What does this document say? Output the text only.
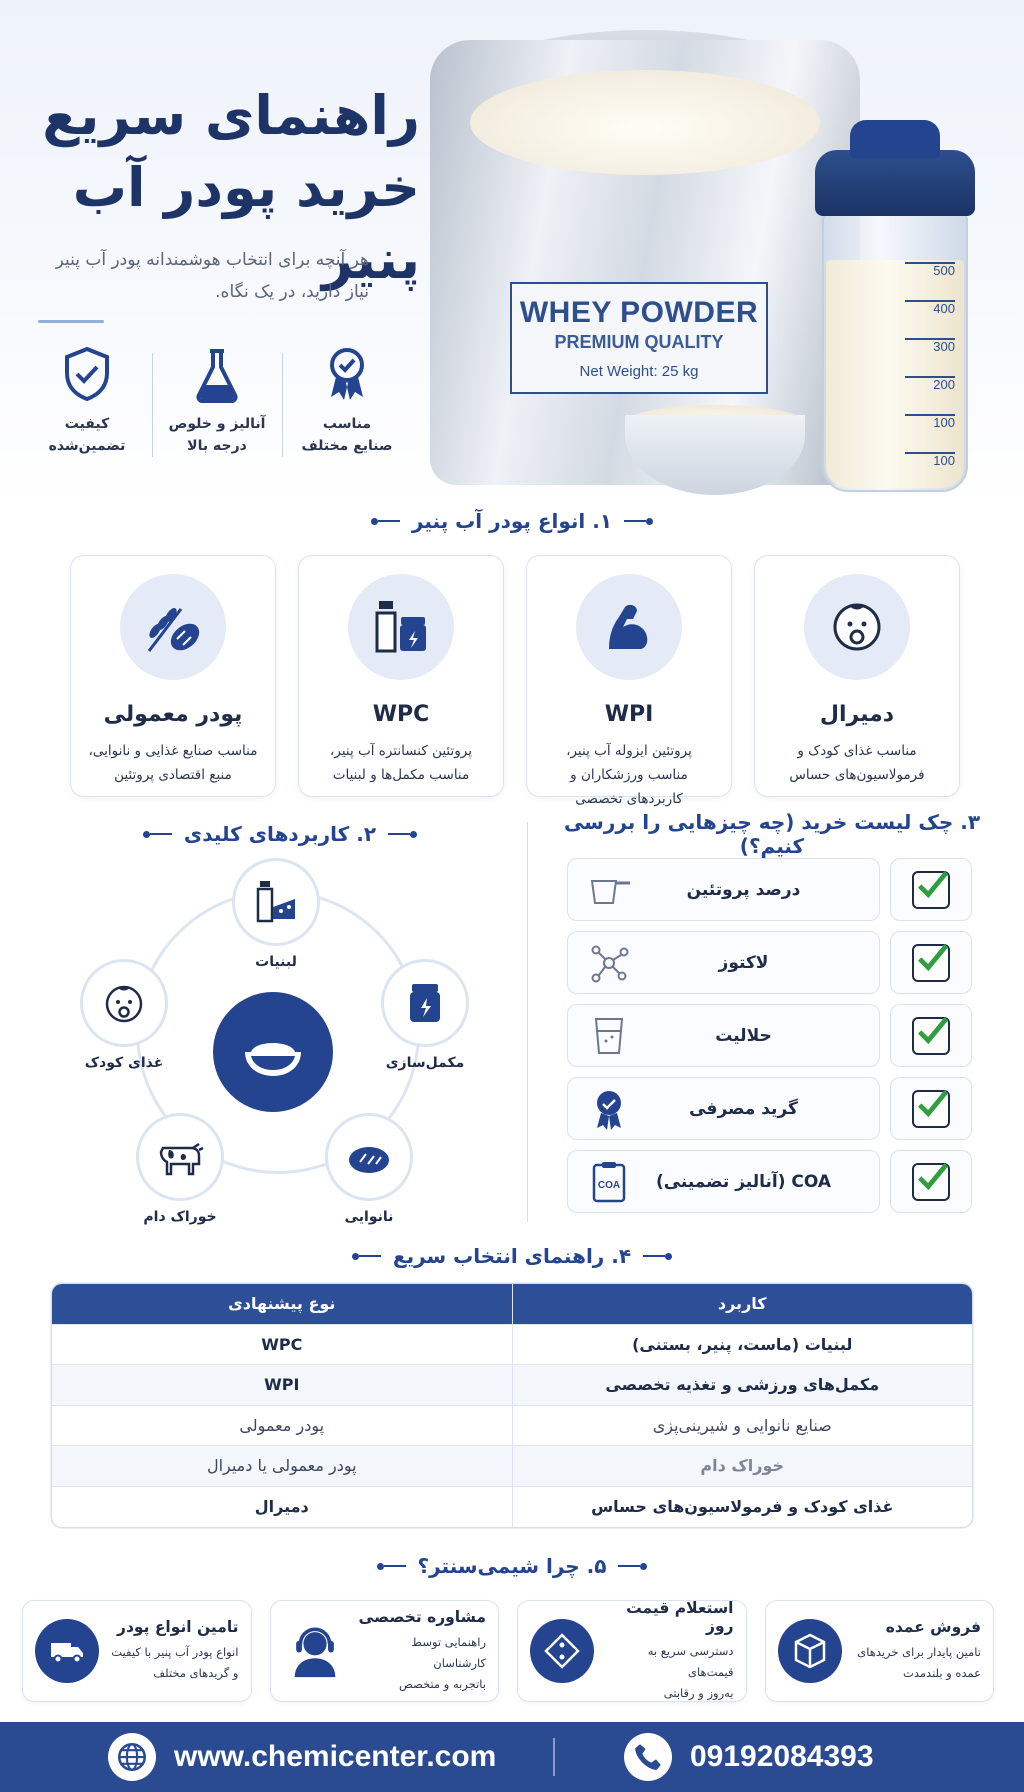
WHEY POWDER
PREMIUM QUALITY
Net Weight: 25 kg
500
400
300
200
100
100
راهنمای سریع
خرید پودر آب پنیر
هر آنچه برای انتخاب هوشمندانه پودر آب پنیر
نیاز دارید، در یک نگاه.
مناسب
صنایع مختلف
آنالیز و خلوص
درجه بالا
کیفیت
تضمین‌شده
۱. انواع پودر آب پنیر
دمیرال
مناسب غذای کودک و
فرمولاسیون‌های حساس
WPI
پروتئین ایزوله آب پنیر،
مناسب ورزشکاران و
کاربردهای تخصصی
WPC
پروتئین کنسانتره آب پنیر،
مناسب مکمل‌ها و لبنیات
پودر معمولی
مناسب صنایع غذایی و نانوایی،
منبع اقتصادی پروتئین
۲. کاربردهای کلیدی
لبنیات
مکمل‌سازی
نانوایی
خوراک دام
غذای کودک
۳. چک لیست خرید (چه چیزهایی را بررسی کنیم؟)
درصد پروتئین
لاکتوز
حلالیت
گرید مصرفی
COA (آنالیز تضمینی)
COA
۴. راهنمای انتخاب سریع
کاربرد	نوع پیشنهادی
لبنیات (ماست، پنیر، بستنی)	WPC
مکمل‌های ورزشی و تغذیه تخصصی	WPI
صنایع نانوایی و شیرینی‌پزی	پودر معمولی
خوراک دام	پودر معمولی یا دمیرال
غذای کودک و فرمولاسیون‌های حساس	دمیرال
۵. چرا شیمی‌سنتر؟
فروش عمده
تامین پایدار برای خریدهای
عمده و بلندمدت
استعلام قیمت روز
دسترسی سریع به قیمت‌های
به‌روز و رقابتی
مشاوره تخصصی
راهنمایی توسط کارشناسان
باتجربه و متخصص
تامین انواع پودر
انواع پودر آب پنیر با کیفیت
و گریدهای مختلف
www.chemicenter.com	09192084393
